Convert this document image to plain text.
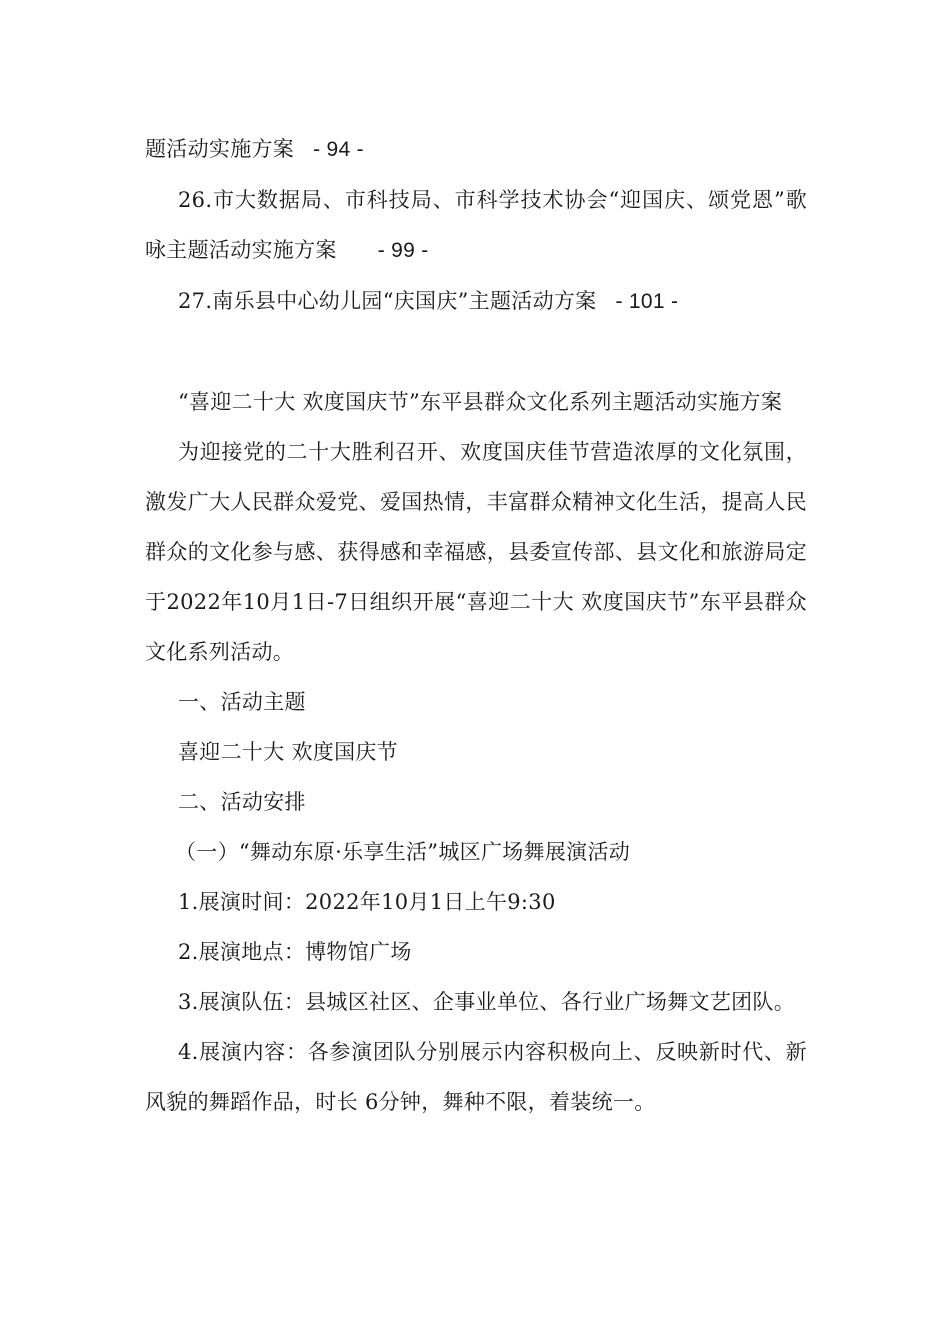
题活动实施方案 - 94 -

26.市大数据局、市科技局、市科学技术协会“迎国庆、颂党恩”歌咏主题活动实施方案 - 99 -

27.南乐县中心幼儿园“庆国庆”主题活动方案 - 101 -

“喜迎二十大 欢度国庆节”东平县群众文化系列主题活动实施方案

为迎接党的二十大胜利召开、欢度国庆佳节营造浓厚的文化氛围，激发广大人民群众爱党、爱国热情，丰富群众精神文化生活，提高人民群众的文化参与感、获得感和幸福感，县委宣传部、县文化和旅游局定于2022年10月1日-7日组织开展“喜迎二十大 欢度国庆节”东平县群众文化系列活动。

一、活动主题

喜迎二十大 欢度国庆节

二、活动安排

（一）“舞动东原·乐享生活”城区广场舞展演活动

1.展演时间：2022年10月1日上午9:30

2.展演地点：博物馆广场

3.展演队伍：县城区社区、企事业单位、各行业广场舞文艺团队。

4.展演内容：各参演团队分别展示内容积极向上、反映新时代、新风貌的舞蹈作品，时长 6分钟，舞种不限，着装统一。
